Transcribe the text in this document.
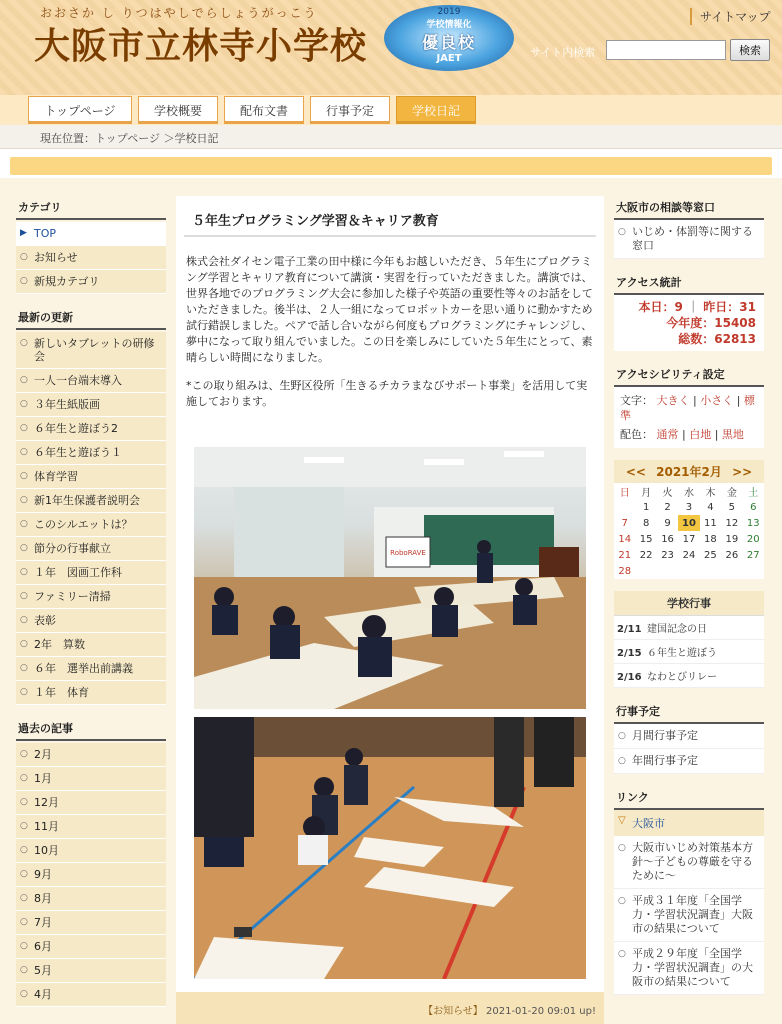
おおさか し りつはやしでらしょうがっこう
大阪市立林寺小学校
2019
学校情報化
優良校
JAET
サイトマップ
サイト内検索	検索
トップページ	学校概要	配布文書	行事予定	学校日記
現在位置：トップページ ＞学校日記
カテゴリ
▶ TOP
○ お知らせ
○ 新規カテゴリ
最新の更新
○ 新しいタブレットの研修会
○ 一人一台端末導入
○ ３年生紙版画
○ ６年生と遊ぼう2
○ ６年生と遊ぼう１
○ 体育学習
○ 新1年生保護者説明会
○ このシルエットは？
○ 節分の行事献立
○ １年　図画工作科
○ ファミリー清掃
○ 表彰
○ 2年　算数
○ ６年　選挙出前講義
○ １年　体育
過去の記事
○ 2月
○ 1月
○ 12月
○ 11月
○ 10月
○ 9月
○ 8月
○ 7月
○ 6月
○ 5月
○ 4月
５年生プログラミング学習＆キャリア教育

株式会社ダイセン電子工業の田中様に今年もお越しいただき、５年生にプログラミング学習とキャリア教育について講演・実習を行っていただきました。講演では、世界各地でのプログラミング大会に参加した様子や英語の重要性等々のお話をしていただきました。後半は、２人一組になってロボットカーを思い通りに動かすため試行錯誤しました。ペアで話し合いながら何度もプログラミングにチャレンジし、夢中になって取り組んでいました。この日を楽しみにしていた５年生にとって、素晴らしい時間になりました。

*この取り組みは、生野区役所「生きるチカラまなびサポート事業」を活用して実施しております。

RoboRAVE
【お知らせ】 2021-01-20 09:01 up!
大阪市の相談等窓口
○ いじめ・体罰等に関する窓口
アクセス統計
本日：9 ｜ 昨日：31
今年度：15408
総数：62813
アクセシビリティ設定
文字： 大きく | 小さく | 標準
配色： 通常 | 白地 | 黒地
<< 2021年2月 >>
日	月	火	水	木	金	土
	1	2	3	4	5	6
7	8	9	10	11	12	13
14	15	16	17	18	19	20
21	22	23	24	25	26	27
28						
学校行事
2/11 建国記念の日
2/15 ６年生と遊ぼう
2/16 なわとびリレー
行事予定
○ 月間行事予定
○ 年間行事予定
リンク
▽ 大阪市
○ 大阪市いじめ対策基本方針〜子どもの尊厳を守るために〜
○ 平成３１年度「全国学力・学習状況調査」大阪市の結果について
○ 平成２９年度「全国学力・学習状況調査」の大阪市の結果について
